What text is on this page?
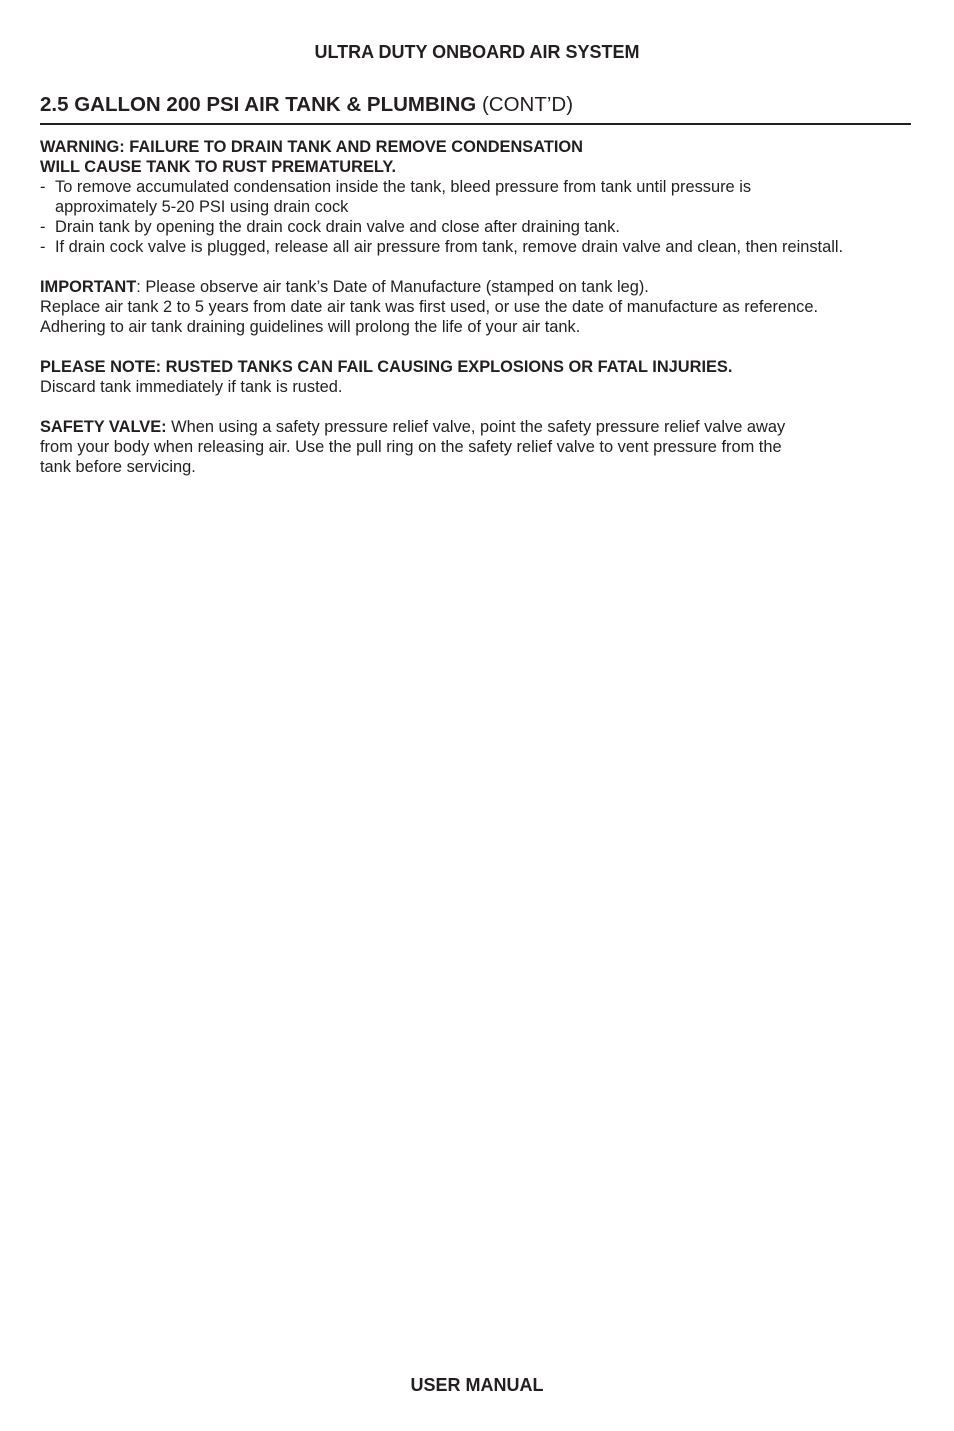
ULTRA DUTY ONBOARD AIR SYSTEM
2.5 GALLON 200 PSI AIR TANK & PLUMBING (CONT’D)
WARNING: FAILURE TO DRAIN TANK AND REMOVE CONDENSATION
WILL CAUSE TANK TO RUST PREMATURELY.
- To remove accumulated condensation inside the tank, bleed pressure from tank until pressure is
approximately 5-20 PSI using drain cock
- Drain tank by opening the drain cock drain valve and close after draining tank.
- If drain cock valve is plugged, release all air pressure from tank, remove drain valve and clean, then reinstall.
IMPORTANT: Please observe air tank’s Date of Manufacture (stamped on tank leg).
Replace air tank 2 to 5 years from date air tank was first used, or use the date of manufacture as reference.
Adhering to air tank draining guidelines will prolong the life of your air tank.
PLEASE NOTE: RUSTED TANKS CAN FAIL CAUSING EXPLOSIONS OR FATAL INJURIES.
Discard tank immediately if tank is rusted.
SAFETY VALVE: When using a safety pressure relief valve, point the safety pressure relief valve away
from your body when releasing air. Use the pull ring on the safety relief valve to vent pressure from the
tank before servicing.
USER MANUAL
